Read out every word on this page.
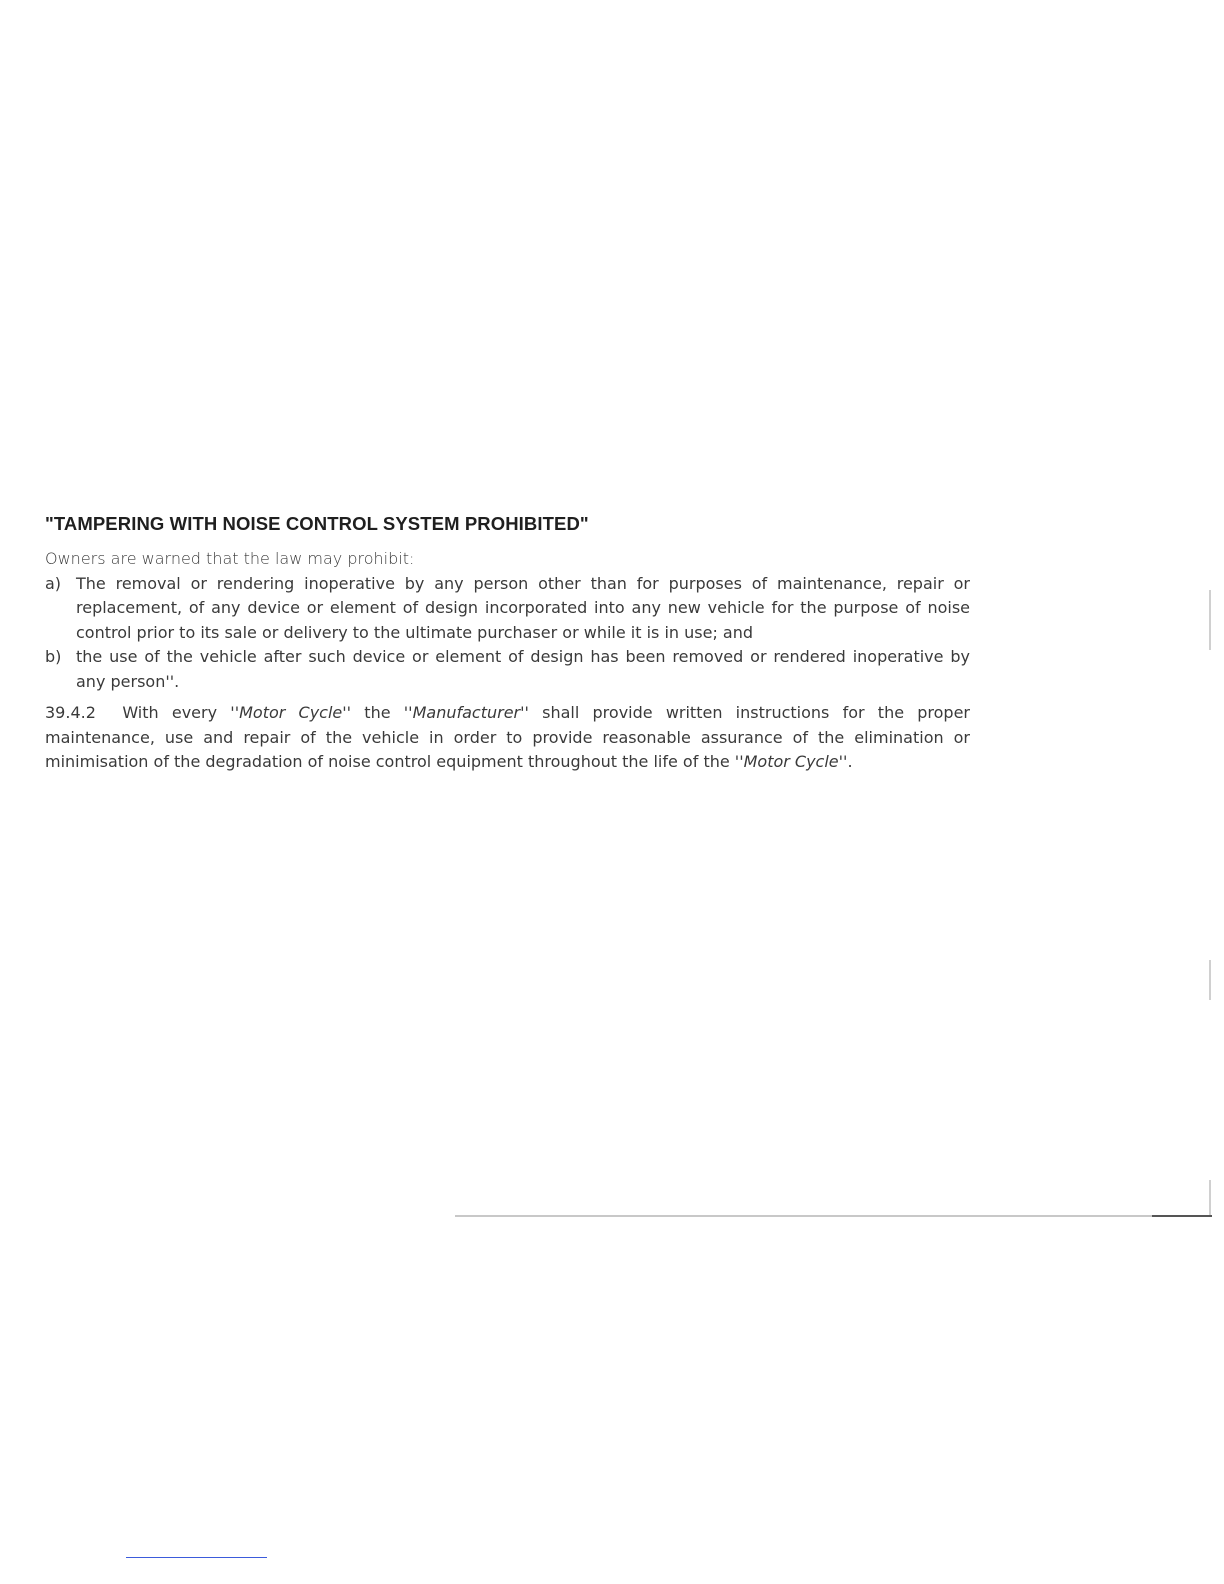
"TAMPERING WITH NOISE CONTROL SYSTEM PROHIBITED"

Owners are warned that the law may prohibit:

a) The removal or rendering inoperative by any person other than for purposes of maintenance, repair or replacement, of any device or element of design incorporated into any new vehicle for the purpose of noise control prior to its sale or delivery to the ultimate purchaser or while it is in use; and
b) the use of the vehicle after such device or element of design has been removed or rendered inoperative by any person''.

39.4.2 With every ''Motor Cycle'' the ''Manufacturer'' shall provide written instructions for the proper maintenance, use and repair of the vehicle in order to provide reasonable assurance of the elimination or minimisation of the degradation of noise control equipment throughout the life of the ''Motor Cycle''.
